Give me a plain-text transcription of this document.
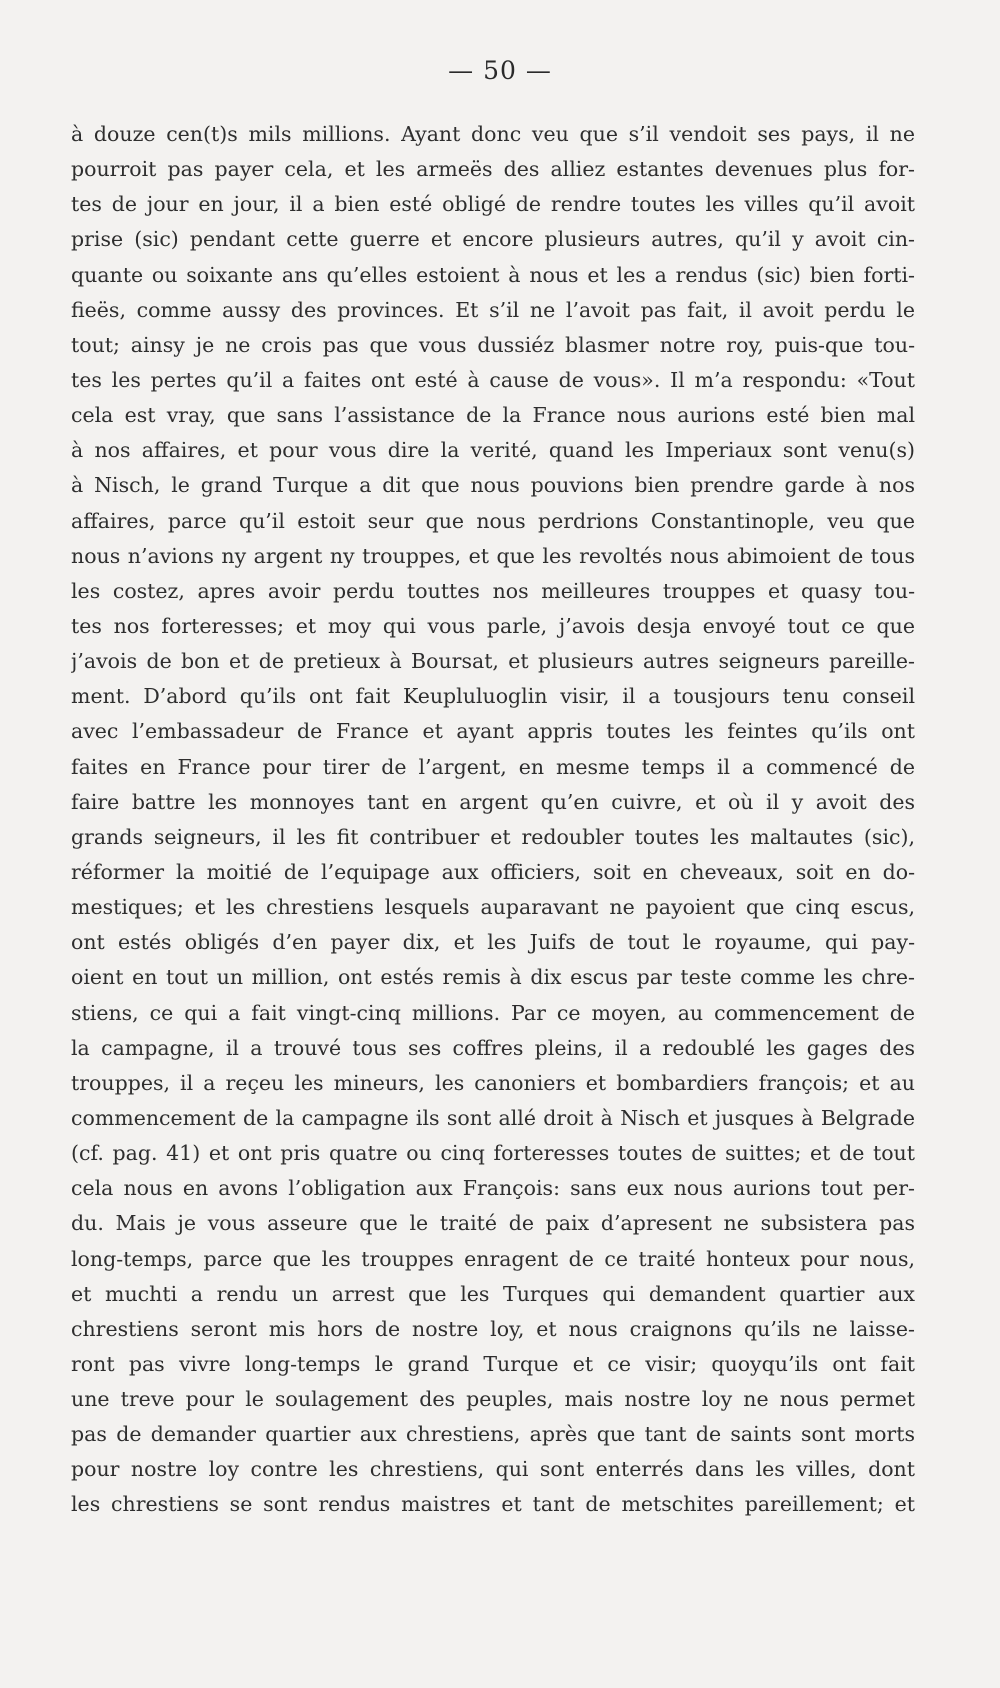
— 50 —
à douze cen(t)s mils millions. Ayant donc veu que s’il vendoit ses pays, il ne
pourroit pas payer cela, et les armeës des alliez estantes devenues plus for-
tes de jour en jour, il a bien esté obligé de rendre toutes les villes qu’il avoit
prise (sic) pendant cette guerre et encore plusieurs autres, qu’il y avoit cin-
quante ou soixante ans qu’elles estoient à nous et les a rendus (sic) bien forti-
fieës, comme aussy des provinces. Et s’il ne l’avoit pas fait, il avoit perdu le
tout; ainsy je ne crois pas que vous dussiéz blasmer notre roy, puis-que tou-
tes les pertes qu’il a faites ont esté à cause de vous». Il m’a respondu: «Tout
cela est vray, que sans l’assistance de la France nous aurions esté bien mal
à nos affaires, et pour vous dire la verité, quand les Imperiaux sont venu(s)
à Nisch, le grand Turque a dit que nous pouvions bien prendre garde à nos
affaires, parce qu’il estoit seur que nous perdrions Constantinople, veu que
nous n’avions ny argent ny trouppes, et que les revoltés nous abimoient de tous
les costez, apres avoir perdu touttes nos meilleures trouppes et quasy tou-
tes nos forteresses; et moy qui vous parle, j’avois desja envoyé tout ce que
j’avois de bon et de pretieux à Boursat, et plusieurs autres seigneurs pareille-
ment. D’abord qu’ils ont fait Keupluluoglin visir, il a tousjours tenu conseil
avec l’embassadeur de France et ayant appris toutes les feintes qu’ils ont
faites en France pour tirer de l’argent, en mesme temps il a commencé de
faire battre les monnoyes tant en argent qu’en cuivre, et où il y avoit des
grands seigneurs, il les fit contribuer et redoubler toutes les maltautes (sic),
réformer la moitié de l’equipage aux officiers, soit en cheveaux, soit en do-
mestiques; et les chrestiens lesquels auparavant ne payoient que cinq escus,
ont estés obligés d’en payer dix, et les Juifs de tout le royaume, qui pay-
oient en tout un million, ont estés remis à dix escus par teste comme les chre-
stiens, ce qui a fait vingt-cinq millions. Par ce moyen, au commencement de
la campagne, il a trouvé tous ses coffres pleins, il a redoublé les gages des
trouppes, il a reçeu les mineurs, les canoniers et bombardiers françois; et au
commencement de la campagne ils sont allé droit à Nisch et jusques à Belgrade
(cf. pag. 41) et ont pris quatre ou cinq forteresses toutes de suittes; et de tout
cela nous en avons l’obligation aux François: sans eux nous aurions tout per-
du. Mais je vous asseure que le traité de paix d’apresent ne subsistera pas
long-temps, parce que les trouppes enragent de ce traité honteux pour nous,
et muchti a rendu un arrest que les Turques qui demandent quartier aux
chrestiens seront mis hors de nostre loy, et nous craignons qu’ils ne laisse-
ront pas vivre long-temps le grand Turque et ce visir; quoyqu’ils ont fait
une treve pour le soulagement des peuples, mais nostre loy ne nous permet
pas de demander quartier aux chrestiens, après que tant de saints sont morts
pour nostre loy contre les chrestiens, qui sont enterrés dans les villes, dont
les chrestiens se sont rendus maistres et tant de metschites pareillement; et
